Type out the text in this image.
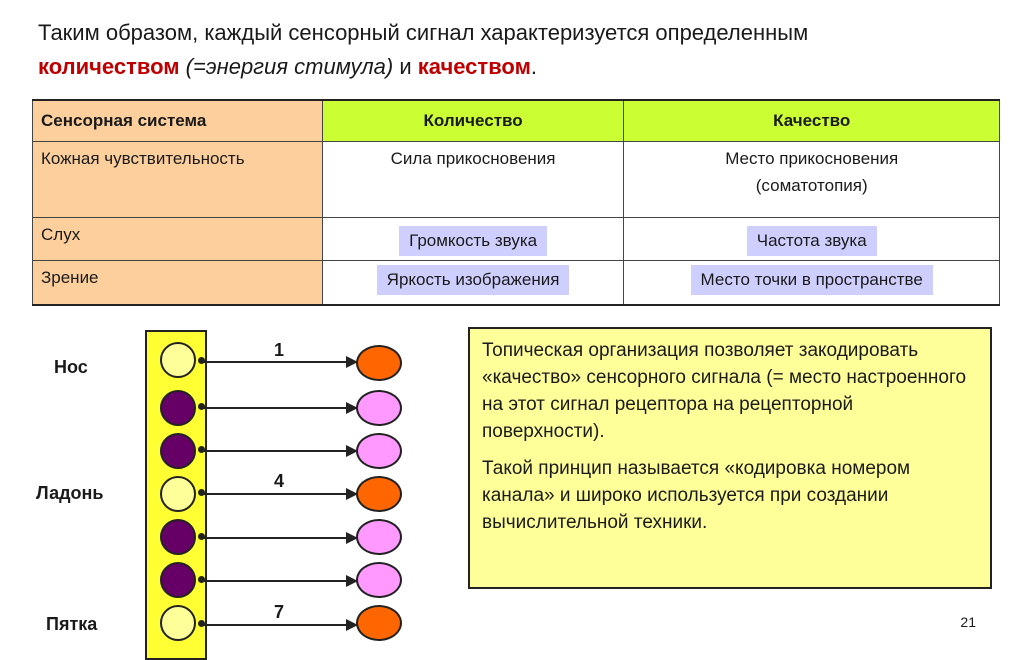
Таким образом, каждый сенсорный сигнал характеризуется определенным
количеством (=энергия стимула) и качеством.
Сенсорная система	Количество	Качество

Кожная чувствительность	Сила прикосновения	Место прикосновения
(соматотопия)

Слух	Громкость звука	Частота звука

Зрение	Яркость изображения	Место точки в пространстве
Нос
Ладонь
Пятка
1
4
7

Топическая организация позволяет закодировать «качество» сенсорного сигнала (= место настроенного на этот сигнал рецептора на рецепторной поверхности).

Такой принцип называется «кодировка номером канала» и широко используется при создании вычислительной техники.

21
